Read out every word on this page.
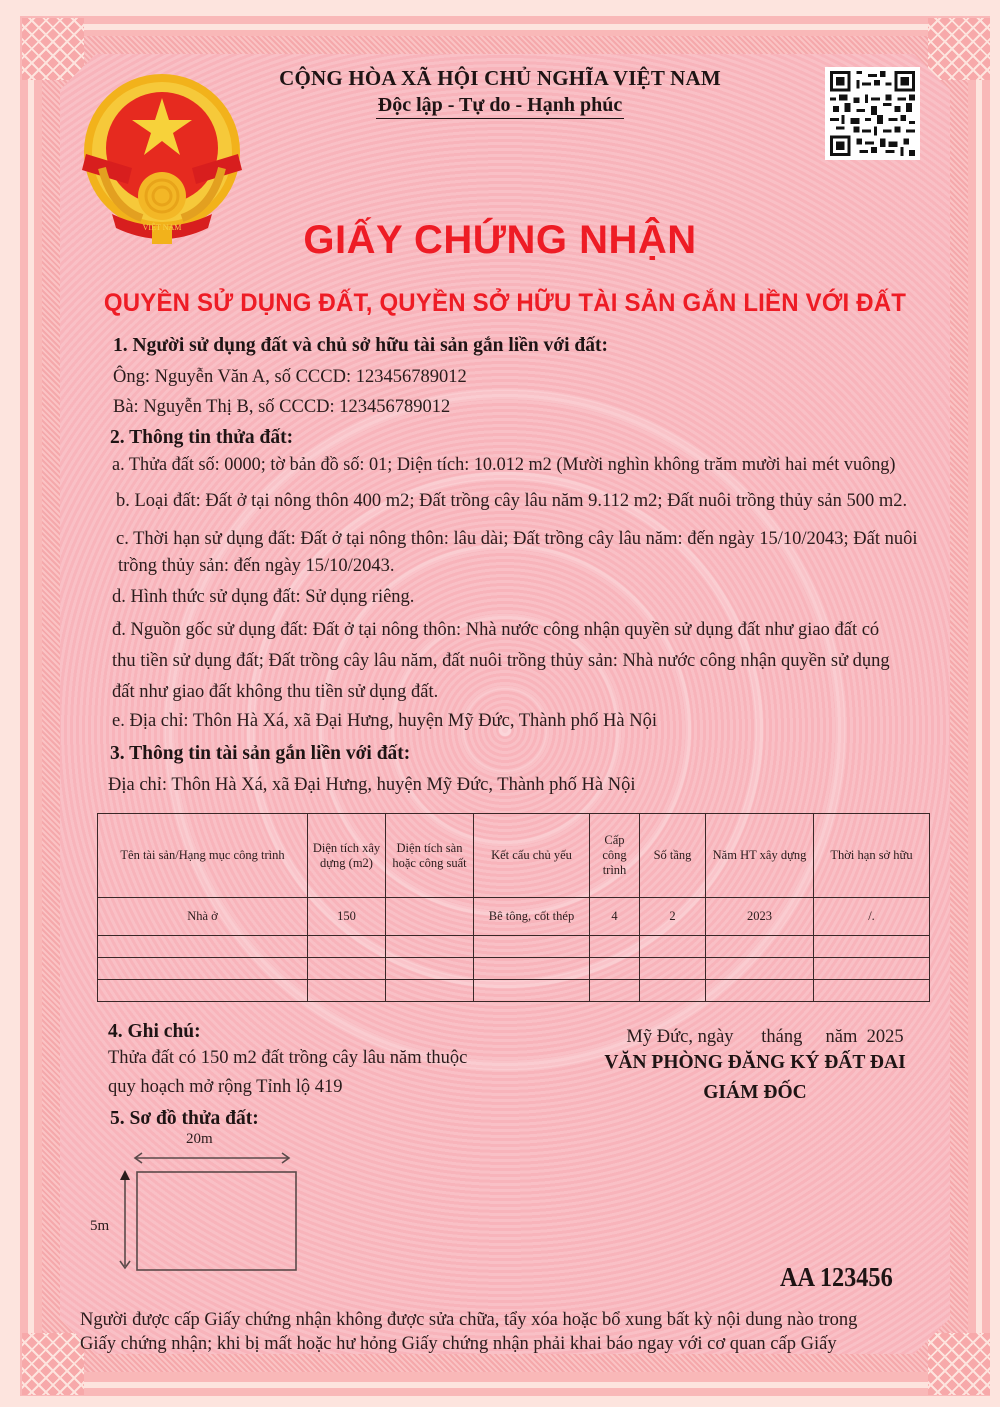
VIỆT NAM
CỘNG HÒA XÃ HỘI CHỦ NGHĨA VIỆT NAM
Độc lập - Tự do - Hạnh phúc
GIẤY CHỨNG NHẬN
QUYỀN SỬ DỤNG ĐẤT, QUYỀN SỞ HỮU TÀI SẢN GẮN LIỀN VỚI ĐẤT
1. Người sử dụng đất và chủ sở hữu tài sản gắn liền với đất:
Ông: Nguyễn Văn A, số CCCD: 123456789012
Bà: Nguyễn Thị B, số CCCD: 123456789012
2. Thông tin thửa đất:
a. Thửa đất số: 0000; tờ bản đồ số: 01; Diện tích: 10.012 m2 (Mười nghìn không trăm mười hai mét vuông)
b. Loại đất: Đất ở tại nông thôn 400 m2; Đất trồng cây lâu năm 9.112 m2; Đất nuôi trồng thủy sản 500 m2.
c. Thời hạn sử dụng đất: Đất ở tại nông thôn: lâu dài; Đất trồng cây lâu năm: đến ngày 15/10/2043; Đất nuôi
trồng thủy sản: đến ngày 15/10/2043.
d. Hình thức sử dụng đất: Sử dụng riêng.
đ. Nguồn gốc sử dụng đất: Đất ở tại nông thôn: Nhà nước công nhận quyền sử dụng đất như giao đất có
thu tiền sử dụng đất; Đất trồng cây lâu năm, đất nuôi trồng thủy sản: Nhà nước công nhận quyền sử dụng
đất như giao đất không thu tiền sử dụng đất.
e. Địa chỉ: Thôn Hà Xá, xã Đại Hưng, huyện Mỹ Đức, Thành phố Hà Nội
3. Thông tin tài sản gắn liền với đất:
Địa chỉ: Thôn Hà Xá, xã Đại Hưng, huyện Mỹ Đức, Thành phố Hà Nội
Tên tài sản/Hạng mục công trình	Diện tích xây dựng (m2)	Diện tích sàn hoặc công suất	Kết cấu chủ yếu	Cấp công trình	Số tầng	Năm HT xây dựng	Thời hạn sở hữu
Nhà ở	150		Bê tông, cốt thép	4	2	2023	/.

4. Ghi chú:
Thửa đất có 150 m2 đất trồng cây lâu năm thuộc
quy hoạch mở rộng Tỉnh lộ 419
Mỹ Đức, ngày      tháng     năm  2025
VĂN PHÒNG ĐĂNG KÝ ĐẤT ĐAI
GIÁM ĐỐC
5. Sơ đồ thửa đất:
20m
5m
AA 123456
Người được cấp Giấy chứng nhận không được sửa chữa, tẩy xóa hoặc bổ xung bất kỳ nội dung nào trong
Giấy chứng nhận; khi bị mất hoặc hư hỏng Giấy chứng nhận phải khai báo ngay với cơ quan cấp Giấy
